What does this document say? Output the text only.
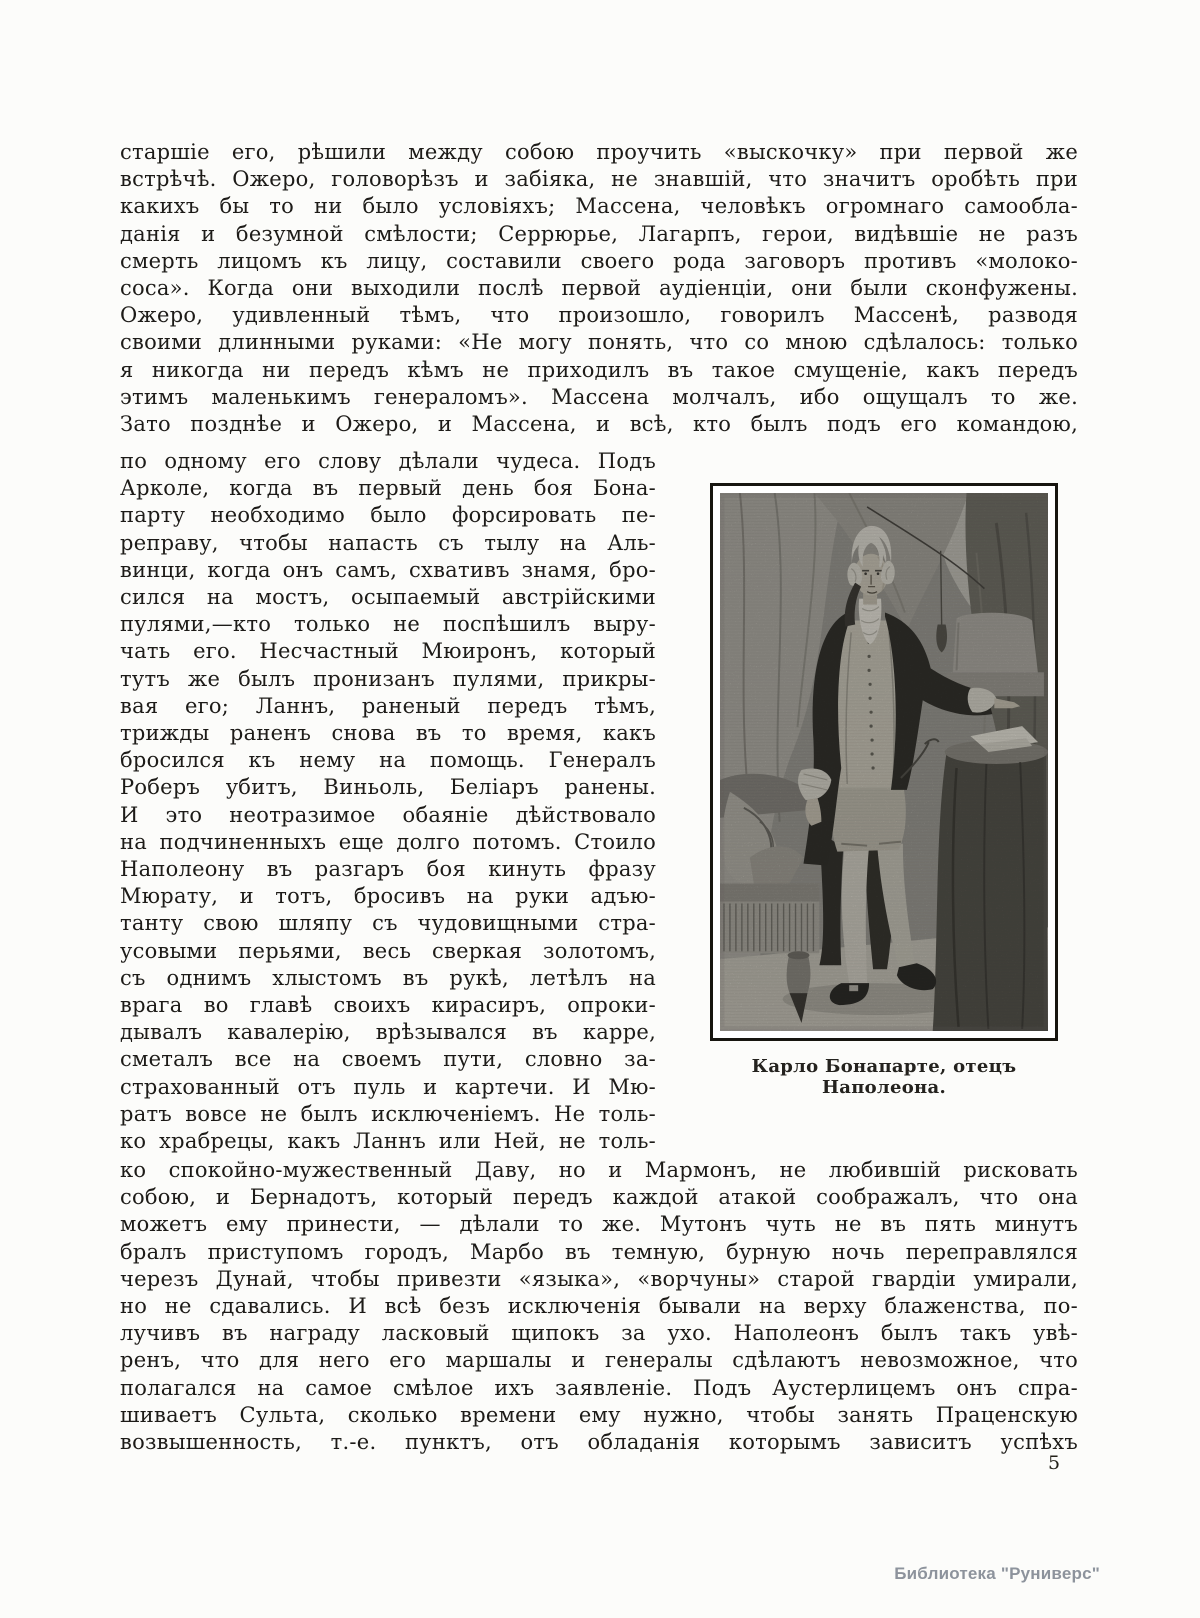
старшіе его, рѣшили между собою проучить «выскочку» при первой же
встрѣчѣ. Ожеро, головорѣзъ и забіяка, не знавшій, что значитъ оробѣть при
какихъ бы то ни было условіяхъ; Массена, человѣкъ огромнаго самообла-
данія и безумной смѣлости; Серрюрье, Лагарпъ, герои, видѣвшіе не разъ
смерть лицомъ къ лицу, составили своего рода заговоръ противъ «молоко-
соса». Когда они выходили послѣ первой аудіенціи, они были сконфужены.
Ожеро, удивленный тѣмъ, что произошло, говорилъ Массенѣ, разводя
своими длинными руками: «Не могу понять, что со мною сдѣлалось: только
я никогда ни передъ кѣмъ не приходилъ въ такое смущеніе, какъ передъ
этимъ маленькимъ генераломъ». Массена молчалъ, ибо ощущалъ то же.
Зато позднѣе и Ожеро, и Массена, и всѣ, кто былъ подъ его командою,
по одному его слову дѣлали чудеса. Подъ
Арколе, когда въ первый день боя Бона-
парту необходимо было форсировать пе-
реправу, чтобы напасть съ тылу на Аль-
винци, когда онъ самъ, схвативъ знамя, бро-
сился на мостъ, осыпаемый австрійскими
пулями,—кто только не поспѣшилъ выру-
чать его. Несчастный Мюиронъ, который
тутъ же былъ пронизанъ пулями, прикры-
вая его; Ланнъ, раненый передъ тѣмъ,
трижды раненъ снова въ то время, какъ
бросился къ нему на помощь. Генералъ
Роберъ убитъ, Виньоль, Беліаръ ранены.
И это неотразимое обаяніе дѣйствовало
на подчиненныхъ еще долго потомъ. Стоило
Наполеону въ разгаръ боя кинуть фразу
Мюрату, и тотъ, бросивъ на руки адъю-
танту свою шляпу съ чудовищными стра-
усовыми перьями, весь сверкая золотомъ,
съ однимъ хлыстомъ въ рукѣ, летѣлъ на
врага во главѣ своихъ кирасиръ, опроки-
дывалъ кавалерію, врѣзывался въ карре,
сметалъ все на своемъ пути, словно за-
страхованный отъ пуль и картечи. И Мю-
ратъ вовсе не былъ исключеніемъ. Не толь-
ко храбрецы, какъ Ланнъ или Ней, не толь-
Карло Бонапарте, отецъ Наполеона.
ко спокойно-мужественный Даву, но и Мармонъ, не любившій рисковать
собою, и Бернадотъ, который передъ каждой атакой соображалъ, что она
можетъ ему принести, — дѣлали то же. Мутонъ чуть не въ пять минутъ
бралъ приступомъ городъ, Марбо въ темную, бурную ночь переправлялся
черезъ Дунай, чтобы привезти «языка», «ворчуны» старой гвардіи умирали,
но не сдавались. И всѣ безъ исключенія бывали на верху блаженства, по-
лучивъ въ награду ласковый щипокъ за ухо. Наполеонъ былъ такъ увѣ-
ренъ, что для него его маршалы и генералы сдѣлаютъ невозможное, что
полагался на самое смѣлое ихъ заявленіе. Подъ Аустерлицемъ онъ спра-
шиваетъ Сульта, сколько времени ему нужно, чтобы занять Праценскую
возвышенность, т.-е. пунктъ, отъ обладанія которымъ зависитъ успѣхъ
5
Библиотека "Руниверс"
